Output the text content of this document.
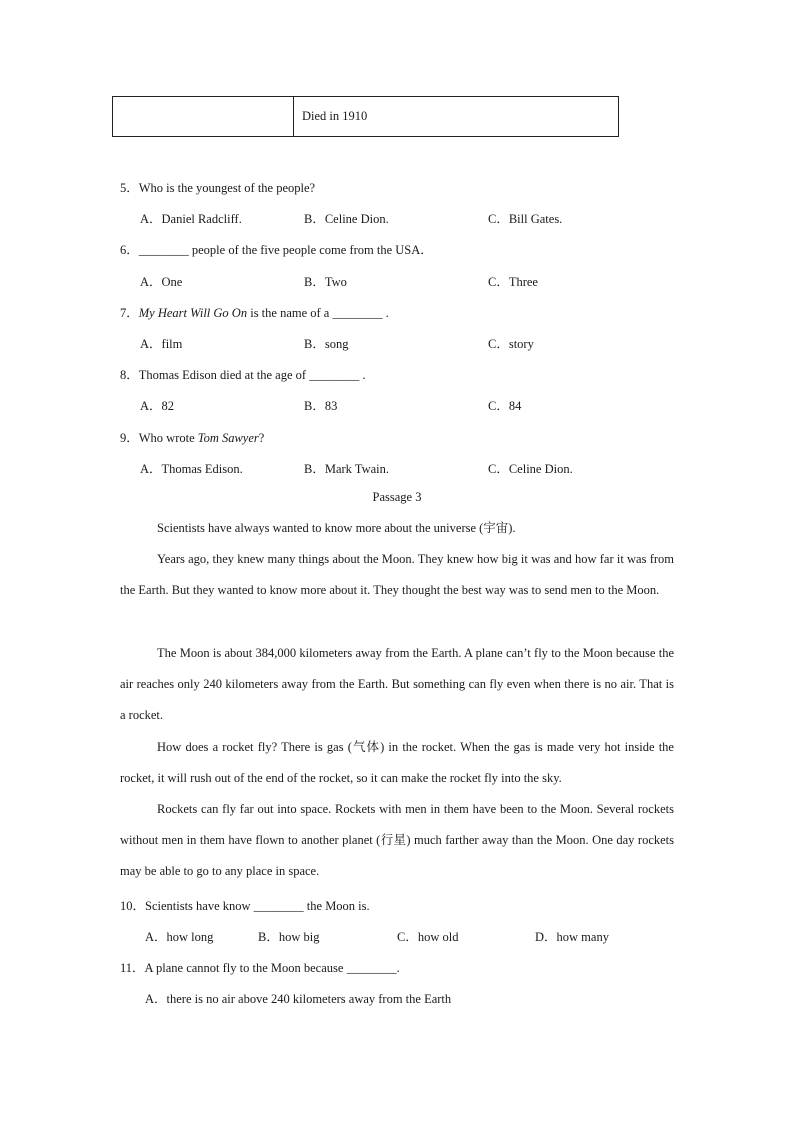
Died in 1910
5．Who is the youngest of the people?
A．Daniel Radcliff.	B．Celine Dion.	C．Bill Gates.
6．________ people of the five people come from the USA．
A．One	B．Two	C．Three
7．My Heart Will Go On is the name of a ________ .
A．film	B．song	C．story
8．Thomas Edison died at the age of ________ .
A．82	B．83	C．84
9．Who wrote Tom Sawyer?
A．Thomas Edison.	B．Mark Twain.	C．Celine Dion.
Passage 3
Scientists have always wanted to know more about the universe (宇宙).
Years ago, they knew many things about the Moon. They knew how big it was and how far it was from the Earth. But they wanted to know more about it. They thought the best way was to send men to the Moon.
The Moon is about 384,000 kilometers away from the Earth. A plane can’t fly to the Moon because the air reaches only 240 kilometers away from the Earth. But something can fly even when there is no air. That is a rocket.
How does a rocket fly? There is gas (气体) in the rocket. When the gas is made very hot inside the rocket, it will rush out of the end of the rocket, so it can make the rocket fly into the sky.
Rockets can fly far out into space. Rockets with men in them have been to the Moon. Several rockets without men in them have flown to another planet (行星) much farther away than the Moon. One day rockets may be able to go to any place in space.
10．Scientists have know ________ the Moon is.
A．how long	B．how big	C．how old	D．how many
11．A plane cannot fly to the Moon because ________.
A．there is no air above 240 kilometers away from the Earth
